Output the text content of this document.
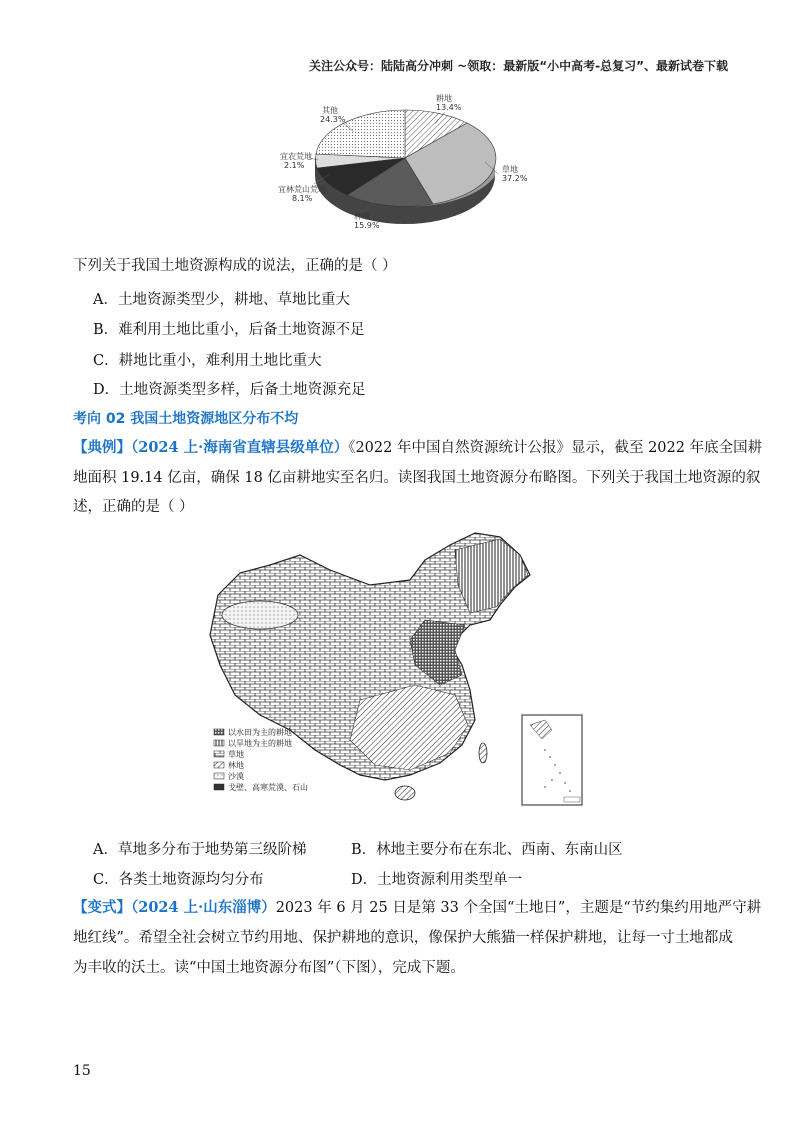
关注公众号：陆陆高分冲刺 ~领取：最新版“小中高考-总复习”、最新试卷下载
耕地
13.4%
草地
37.2%
林地
15.9%
宜林荒山荒地
8.1%
宜农荒地
2.1%
其他
24.3%
下列关于我国土地资源构成的说法，正确的是（ ）
A．土地资源类型少，耕地、草地比重大
B．难利用土地比重小，后备土地资源不足
C．耕地比重小，难利用土地比重大
D．土地资源类型多样，后备土地资源充足
考向 02 我国土地资源地区分布不均
【典例】（2024 上·海南省直辖县级单位）《2022 年中国自然资源统计公报》显示，截至 2022 年底全国耕
地面积 19.14 亿亩，确保 18 亿亩耕地实至名归。读图我国土地资源分布略图。下列关于我国土地资源的叙
述，正确的是（ ）
以水田为主的耕地
以旱地为主的耕地
草地
林地
沙漠
戈壁、高寒荒漠、石山
A．草地多分布于地势第三级阶梯	B．林地主要分布在东北、西南、东南山区
C．各类土地资源均匀分布	D．土地资源利用类型单一
【变式】（2024 上·山东淄博）2023 年 6 月 25 日是第 33 个全国“土地日”，主题是“节约集约用地严守耕
地红线”。希望全社会树立节约用地、保护耕地的意识，像保护大熊猫一样保护耕地，让每一寸土地都成
为丰收的沃土。读“中国土地资源分布图”（下图），完成下题。
15
